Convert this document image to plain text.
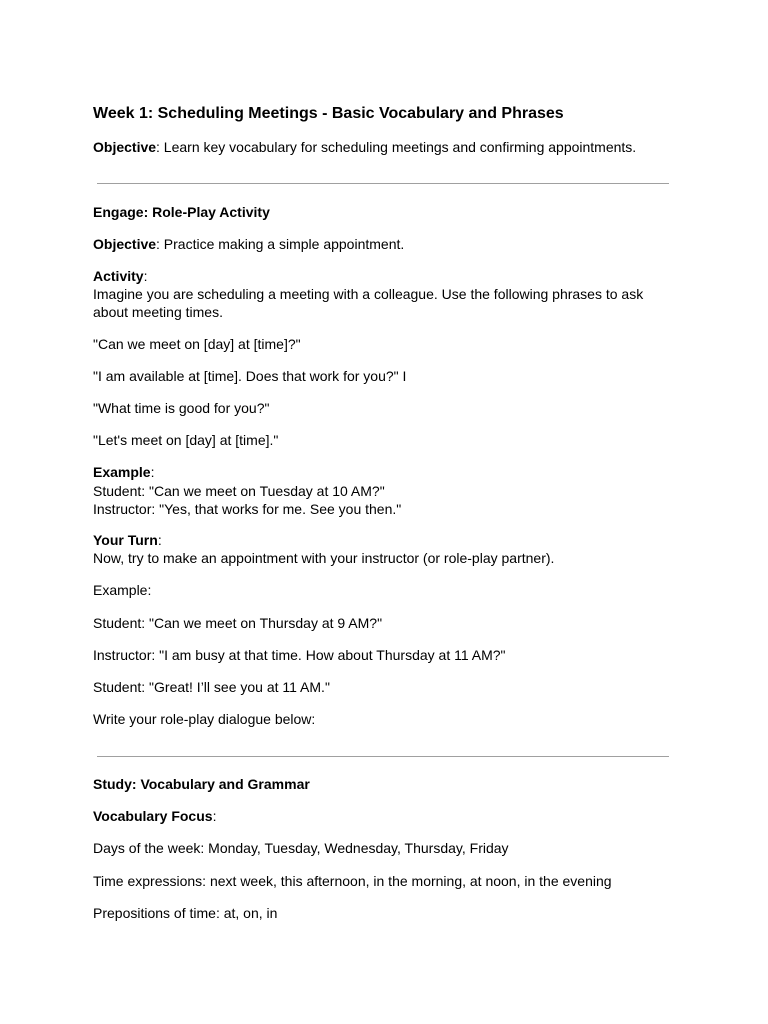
Week 1: Scheduling Meetings - Basic Vocabulary and Phrases

Objective: Learn key vocabulary for scheduling meetings and confirming appointments.

Engage: Role-Play Activity

Objective: Practice making a simple appointment.

Activity:

Imagine you are scheduling a meeting with a colleague. Use the following phrases to ask about meeting times.

"Can we meet on [day] at [time]?"

"I am available at [time]. Does that work for you?" I

"What time is good for you?"

"Let's meet on [day] at [time]."

Example:

Student: "Can we meet on Tuesday at 10 AM?"

Instructor: "Yes, that works for me. See you then."

Your Turn:

Now, try to make an appointment with your instructor (or role-play partner).

Example:

Student: "Can we meet on Thursday at 9 AM?"

Instructor: "I am busy at that time. How about Thursday at 11 AM?"

Student: "Great! I’ll see you at 11 AM."

Write your role-play dialogue below:

Study: Vocabulary and Grammar

Vocabulary Focus:

Days of the week: Monday, Tuesday, Wednesday, Thursday, Friday

Time expressions: next week, this afternoon, in the morning, at noon, in the evening

Prepositions of time: at, on, in
